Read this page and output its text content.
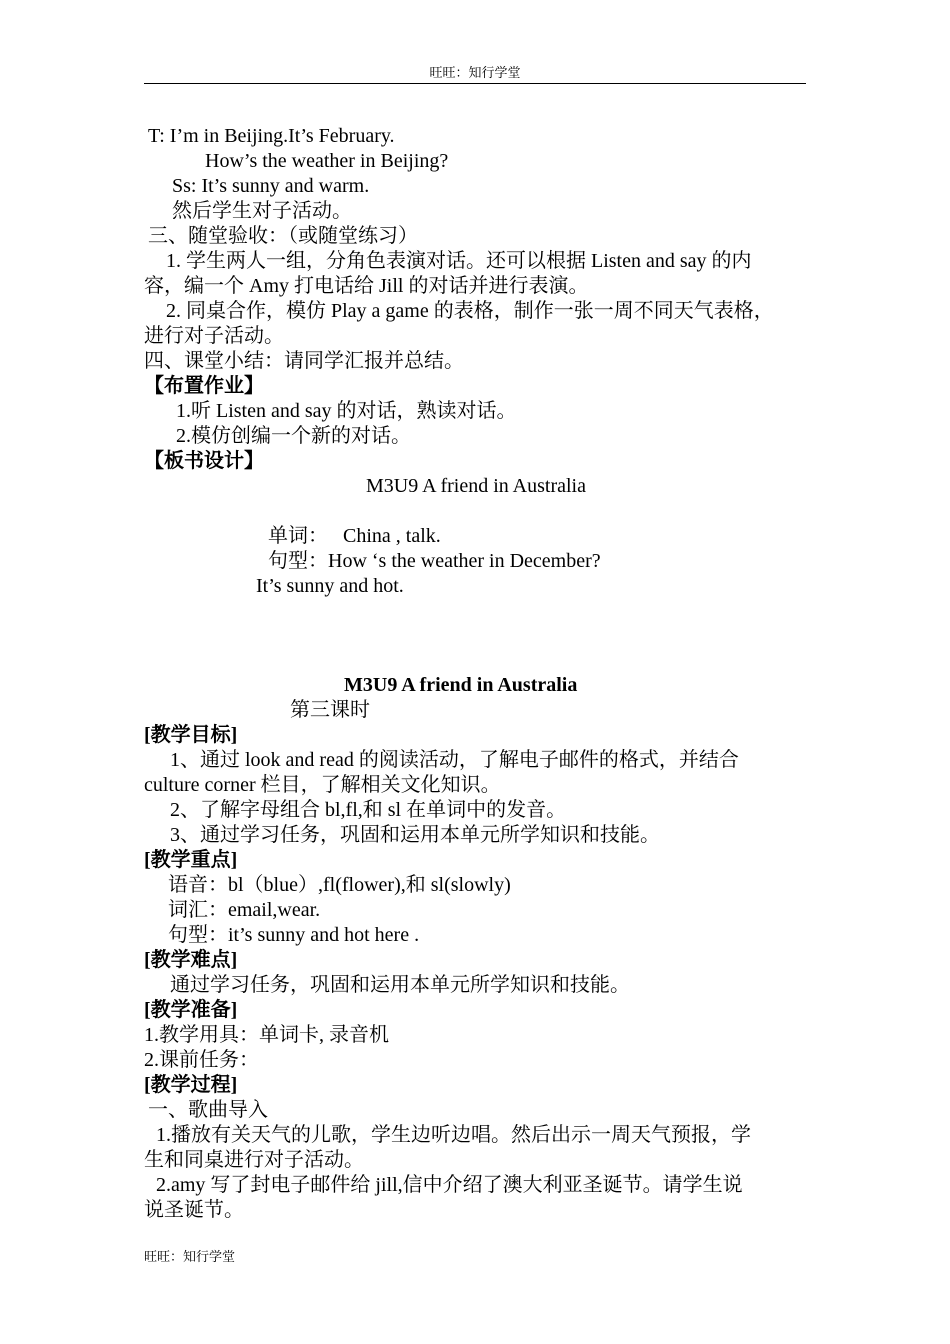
旺旺：知行学堂
T: I’m in Beijing.It’s February.
How’s the weather in Beijing?
Ss: It’s sunny and warm.
然后学生对子活动。
三、随堂验收：（或随堂练习）
1. 学生两人一组，分角色表演对话。还可以根据 Listen and say 的内
容，编一个 Amy 打电话给 Jill 的对话并进行表演。
2. 同桌合作，模仿 Play a game 的表格，制作一张一周不同天气表格，
进行对子活动。
四、课堂小结：请同学汇报并总结。
【布置作业】
1.听 Listen and say 的对话，熟读对话。
2.模仿创编一个新的对话。
【板书设计】
M3U9 A friend in Australia
单词：   China , talk.
句型：How ‘s the weather in December?
It’s sunny and hot.
M3U9 A friend in Australia
第三课时
[教学目标]
1、通过 look and read 的阅读活动，了解电子邮件的格式，并结合
culture corner 栏目，了解相关文化知识。
2、了解字母组合 bl,fl,和 sl 在单词中的发音。
3、通过学习任务，巩固和运用本单元所学知识和技能。
[教学重点]
语音：bl（blue）,fl(flower),和 sl(slowly)
词汇：email,wear.
句型：it’s sunny and hot here .
[教学难点]
通过学习任务，巩固和运用本单元所学知识和技能。
[教学准备]
1.教学用具：单词卡, 录音机
2.课前任务：
[教学过程]
一、歌曲导入
1.播放有关天气的儿歌，学生边听边唱。然后出示一周天气预报，学
生和同桌进行对子活动。
2.amy 写了封电子邮件给 jill,信中介绍了澳大利亚圣诞节。请学生说
说圣诞节。
旺旺：知行学堂
